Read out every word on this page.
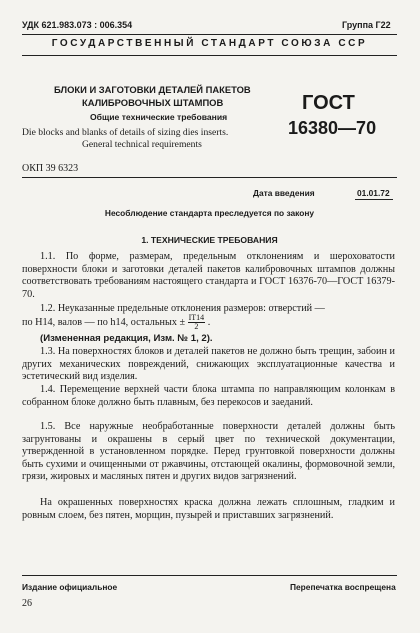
УДК 621.983.073 : 006.354	Группа Г22
ГОСУДАРСТВЕННЫЙ СТАНДАРТ СОЮЗА ССР
БЛОКИ И ЗАГОТОВКИ ДЕТАЛЕЙ ПАКЕТОВ
КАЛИБРОВОЧНЫХ ШТАМПОВ
Общие технические требования
Die blocks and blanks of details of sizing dies inserts.
General technical requirements
ГОСТ
16380—70
ОКП 39 6323
Дата введения	01.01.72
Несоблюдение стандарта преследуется по закону
1. ТЕХНИЧЕСКИЕ ТРЕБОВАНИЯ

1.1. По форме, размерам, предельным отклонениям и шероховатости поверхности блоки и заготовки деталей пакетов калибровочных штампов должны соответствовать требованиям настоящего стандарта и ГОСТ 16376-70—ГОСТ 16379-70.

1.2. Неуказанные предельные отклонения размеров: отверстий —

по Н14, валов — по h14, остальных ± $\frac{IT14}{2}$ .
(Измененная редакция, Изм. № 1, 2).

1.3. На поверхностях блоков и деталей пакетов не должно быть трещин, забоин и других механических повреждений, снижающих эксплуатационные качества и эстетический вид изделия.

1.4. Перемещение верхней части блока штампа по направляющим колонкам в собранном блоке должно быть плавным, без перекосов и заеданий.

1.5. Все наружные необработанные поверхности деталей должны быть загрунтованы и окрашены в серый цвет по технической документации, утвержденной в установленном порядке. Перед грунтовкой поверхности должны быть сухими и очищенными от ржавчины, отстающей окалины, формовочной земли, грязи, жировых и масляных пятен и других видов загрязнений.

На окрашенных поверхностях краска должна лежать сплошным, гладким и ровным слоем, без пятен, морщин, пузырей и приставших загрязнений.

Издание официальное	Перепечатка воспрещена
26
